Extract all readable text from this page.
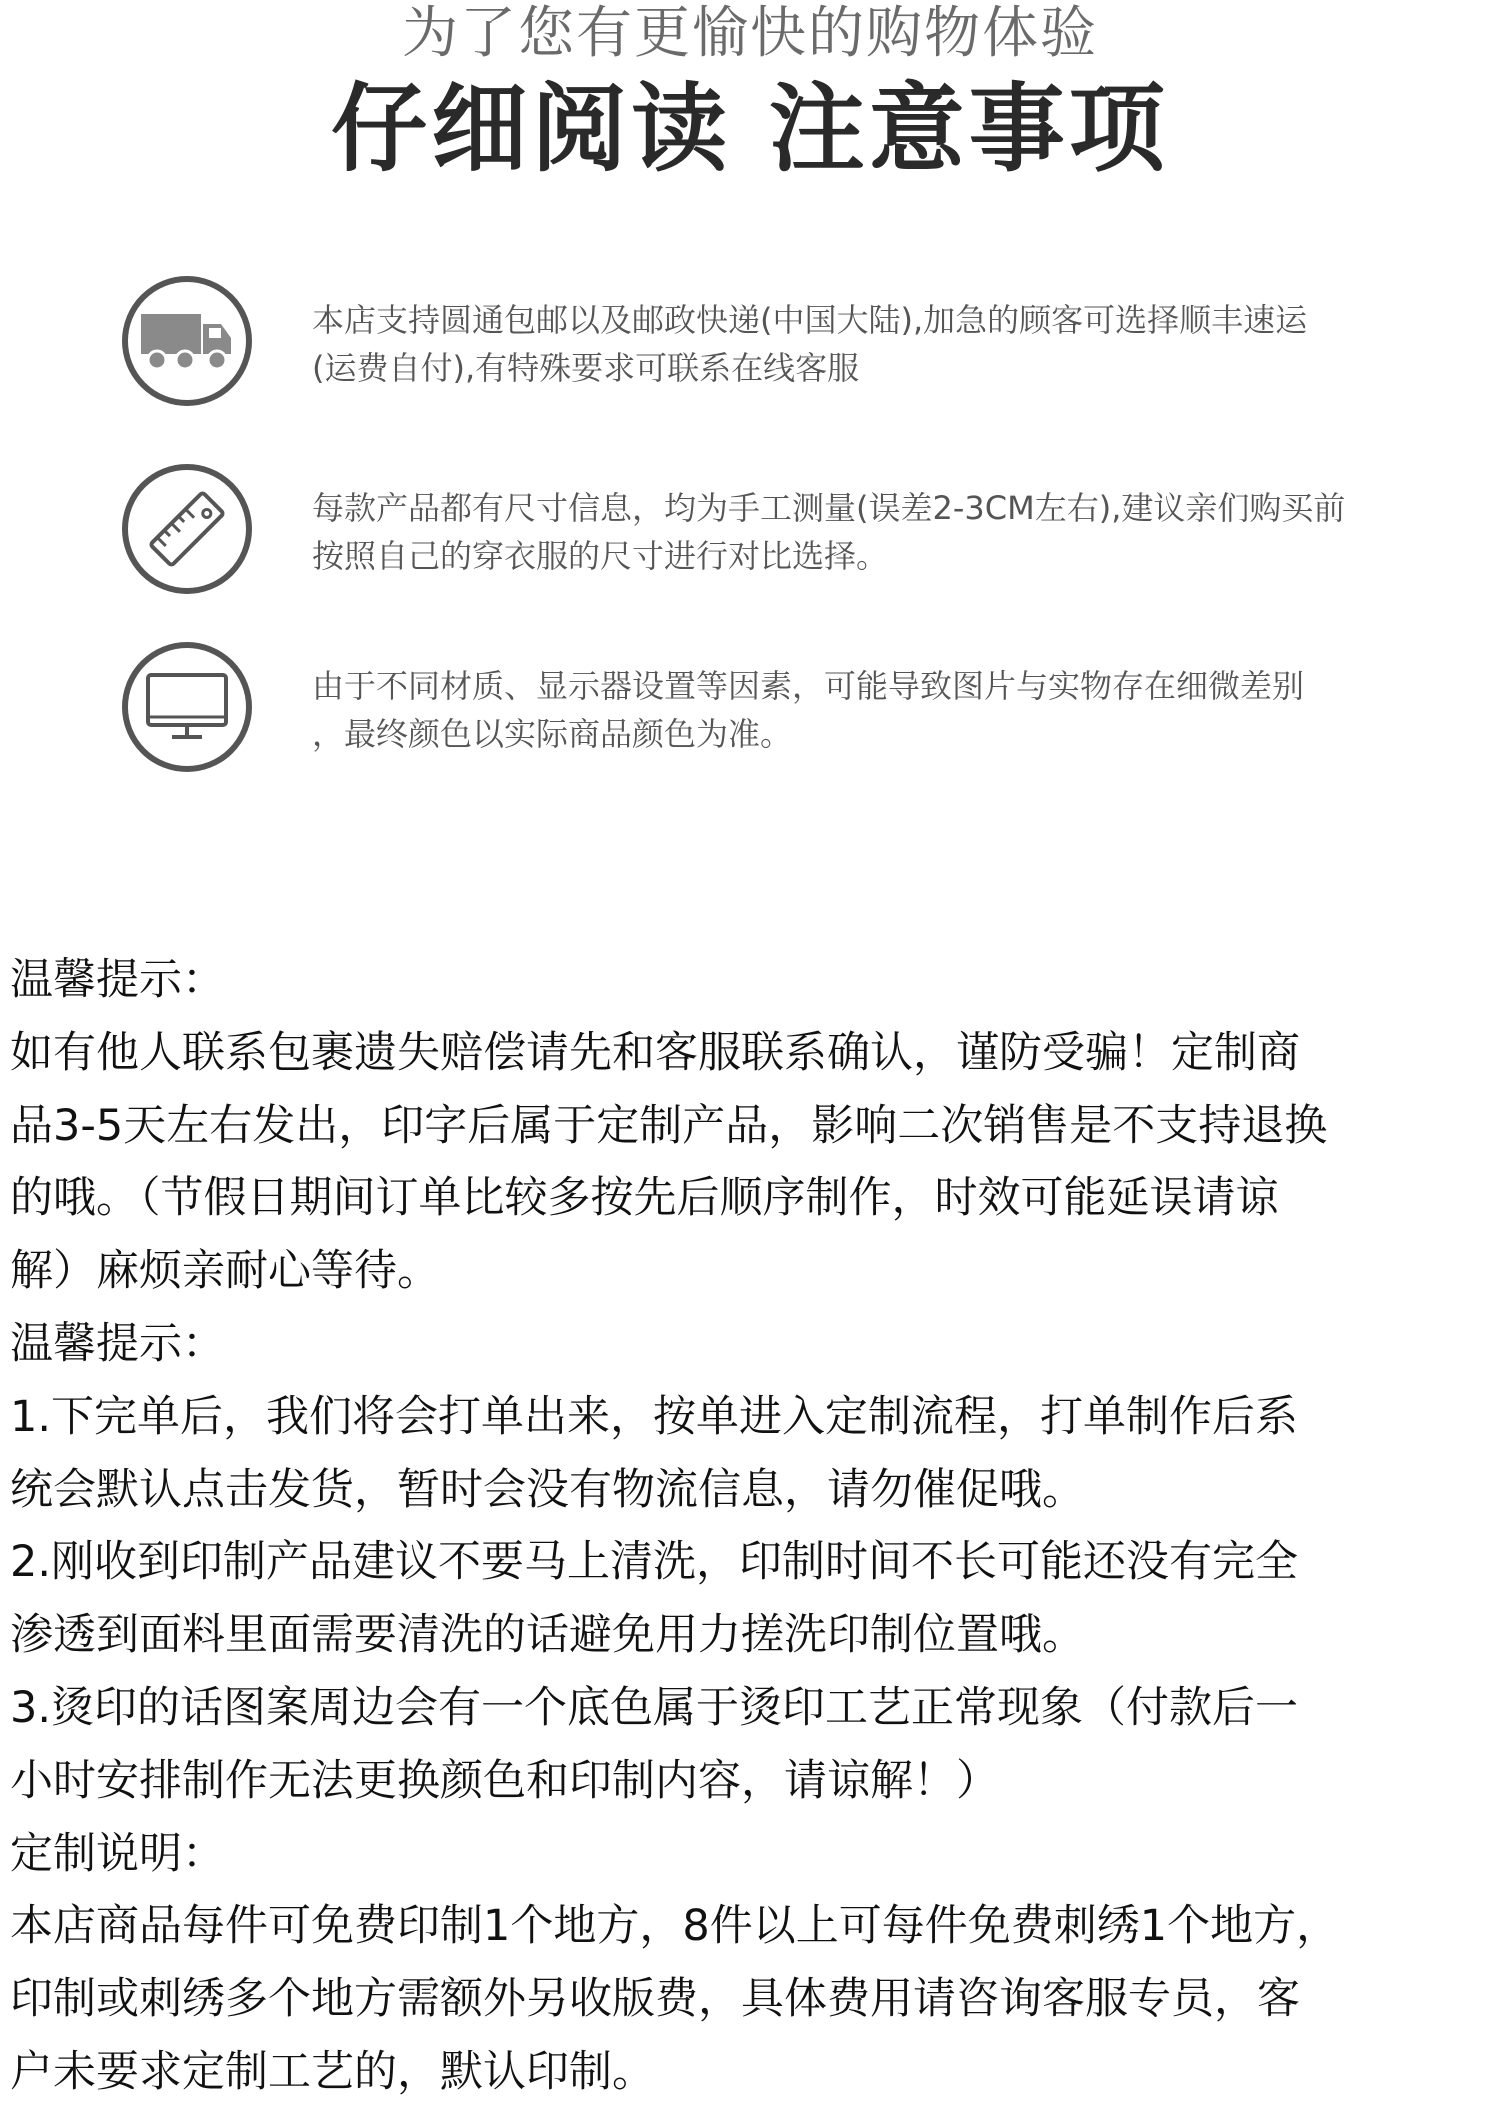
为了您有更愉快的购物体验
仔细阅读 注意事项
本店支持圆通包邮以及邮政快递(中国大陆),加急的顾客可选择顺丰速运
(运费自付),有特殊要求可联系在线客服
每款产品都有尺寸信息，均为手工测量(误差2-3CM左右),建议亲们购买前
按照自己的穿衣服的尺寸进行对比选择。
由于不同材质、显示器设置等因素，可能导致图片与实物存在细微差别
，最终颜色以实际商品颜色为准。

温馨提示：

如有他人联系包裹遗失赔偿请先和客服联系确认，谨防受骗！定制商

品3-5天左右发出，印字后属于定制产品，影响二次销售是不支持退换

的哦。（节假日期间订单比较多按先后顺序制作，时效可能延误请谅

解）麻烦亲耐心等待。

温馨提示：

1.下完单后，我们将会打单出来，按单进入定制流程，打单制作后系

统会默认点击发货，暂时会没有物流信息，请勿催促哦。

2.刚收到印制产品建议不要马上清洗，印制时间不长可能还没有完全

渗透到面料里面需要清洗的话避免用力搓洗印制位置哦。

3.烫印的话图案周边会有一个底色属于烫印工艺正常现象（付款后一

小时安排制作无法更换颜色和印制内容，请谅解！）

定制说明：

本店商品每件可免费印制1个地方，8件以上可每件免费刺绣1个地方，

印制或刺绣多个地方需额外另收版费，具体费用请咨询客服专员，客

户未要求定制工艺的，默认印制。
